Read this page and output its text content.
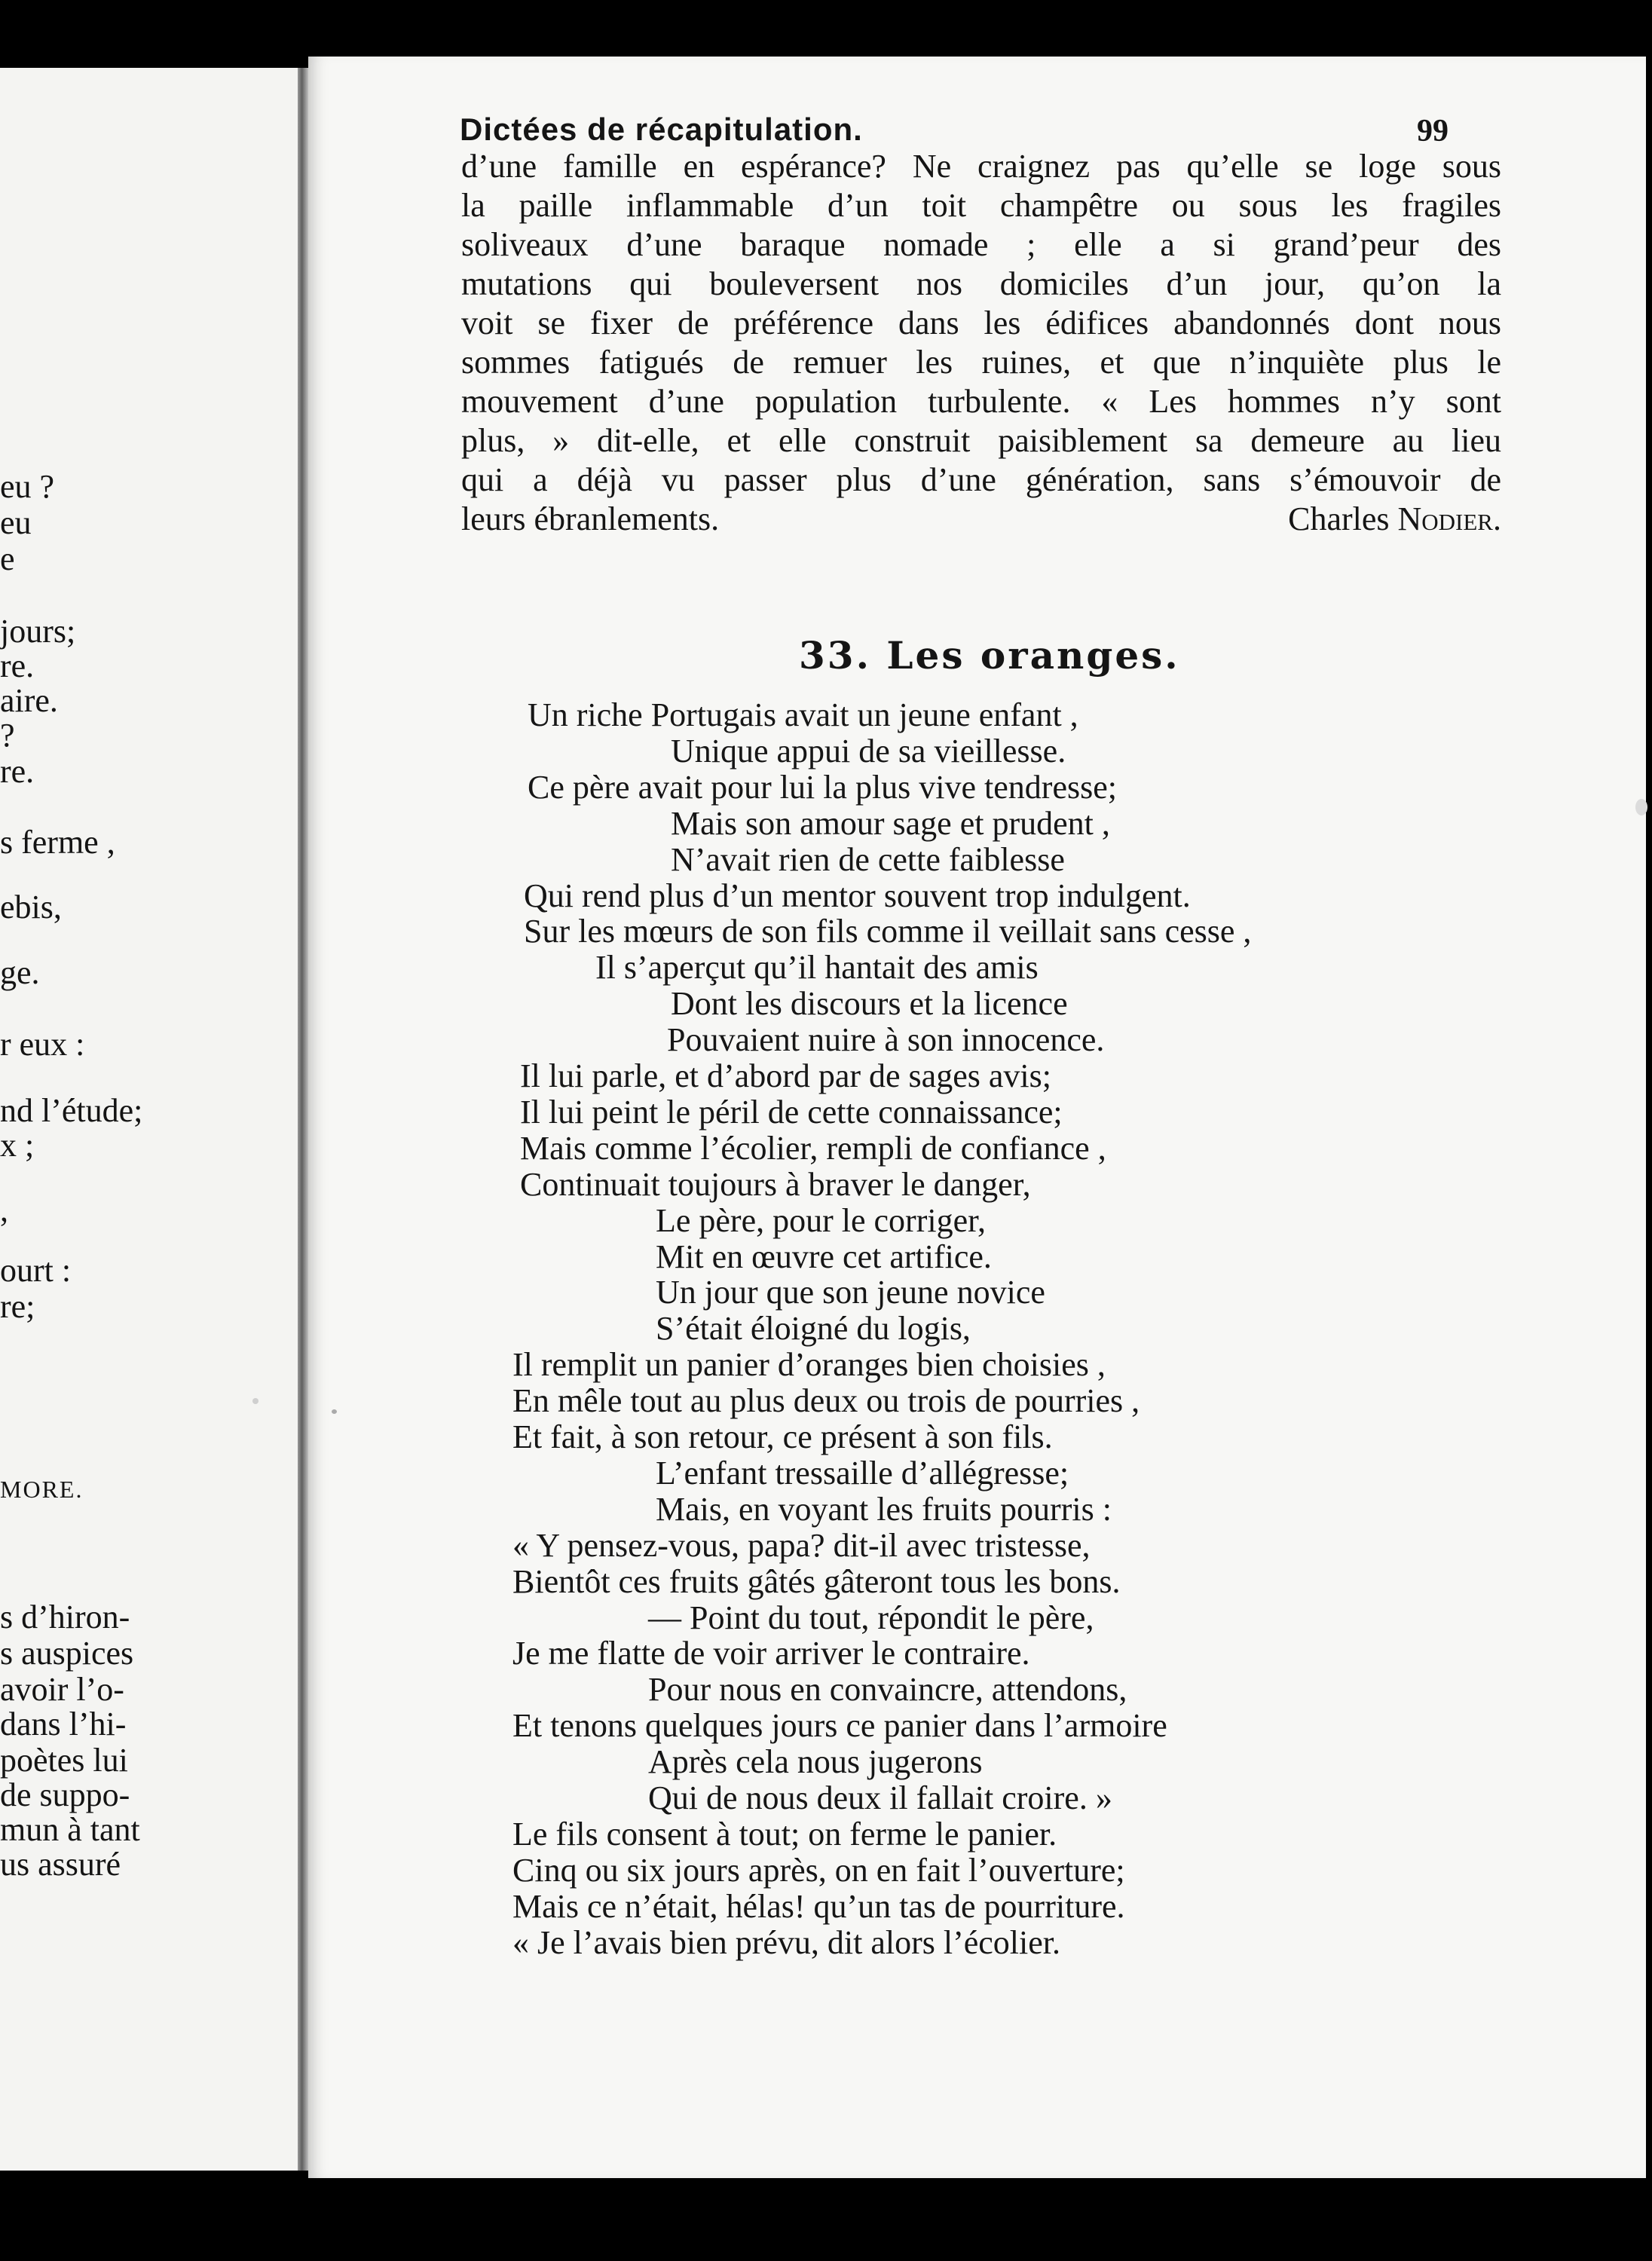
eu ?
eu
e
jours;
re.
aire.
?
re.
s ferme ,
ebis,
ge.
r eux :
nd l’étude;
x ;
,
ourt :
re;
MORE.
s d’hiron-
s auspices
avoir l’o-
dans l’hi-
poètes lui
de suppo-
mun à tant
us assuré
Dictées de récapitulation.	99
d’une famille en espérance? Ne craignez pas qu’elle se loge sous
la paille inflammable d’un toit champêtre ou sous les fragiles
soliveaux d’une baraque nomade ; elle a si grand’peur des
mutations qui bouleversent nos domiciles d’un jour, qu’on la
voit se fixer de préférence dans les édifices abandonnés dont nous
sommes fatigués de remuer les ruines, et que n’inquiète plus le
mouvement d’une population turbulente. « Les hommes n’y sont
plus, » dit-elle, et elle construit paisiblement sa demeure au lieu
qui a déjà vu passer plus d’une génération, sans s’émouvoir de
leurs ébranlements.	Charles Nodier.
33. Les oranges.
Un riche Portugais avait un jeune enfant ,
Unique appui de sa vieillesse.
Ce père avait pour lui la plus vive tendresse;
Mais son amour sage et prudent ,
N’avait rien de cette faiblesse
Qui rend plus d’un mentor souvent trop indulgent.
Sur les mœurs de son fils comme il veillait sans cesse ,
Il s’aperçut qu’il hantait des amis
Dont les discours et la licence
Pouvaient nuire à son innocence.
Il lui parle, et d’abord par de sages avis;
Il lui peint le péril de cette connaissance;
Mais comme l’écolier, rempli de confiance ,
Continuait toujours à braver le danger,
Le père, pour le corriger,
Mit en œuvre cet artifice.
Un jour que son jeune novice
S’était éloigné du logis,
Il remplit un panier d’oranges bien choisies ,
En mêle tout au plus deux ou trois de pourries ,
Et fait, à son retour, ce présent à son fils.
L’enfant tressaille d’allégresse;
Mais, en voyant les fruits pourris :
« Y pensez-vous, papa? dit-il avec tristesse,
Bientôt ces fruits gâtés gâteront tous les bons.
— Point du tout, répondit le père,
Je me flatte de voir arriver le contraire.
Pour nous en convaincre, attendons,
Et tenons quelques jours ce panier dans l’armoire
Après cela nous jugerons
Qui de nous deux il fallait croire. »
Le fils consent à tout; on ferme le panier.
Cinq ou six jours après, on en fait l’ouverture;
Mais ce n’était, hélas! qu’un tas de pourriture.
« Je l’avais bien prévu, dit alors l’écolier.
